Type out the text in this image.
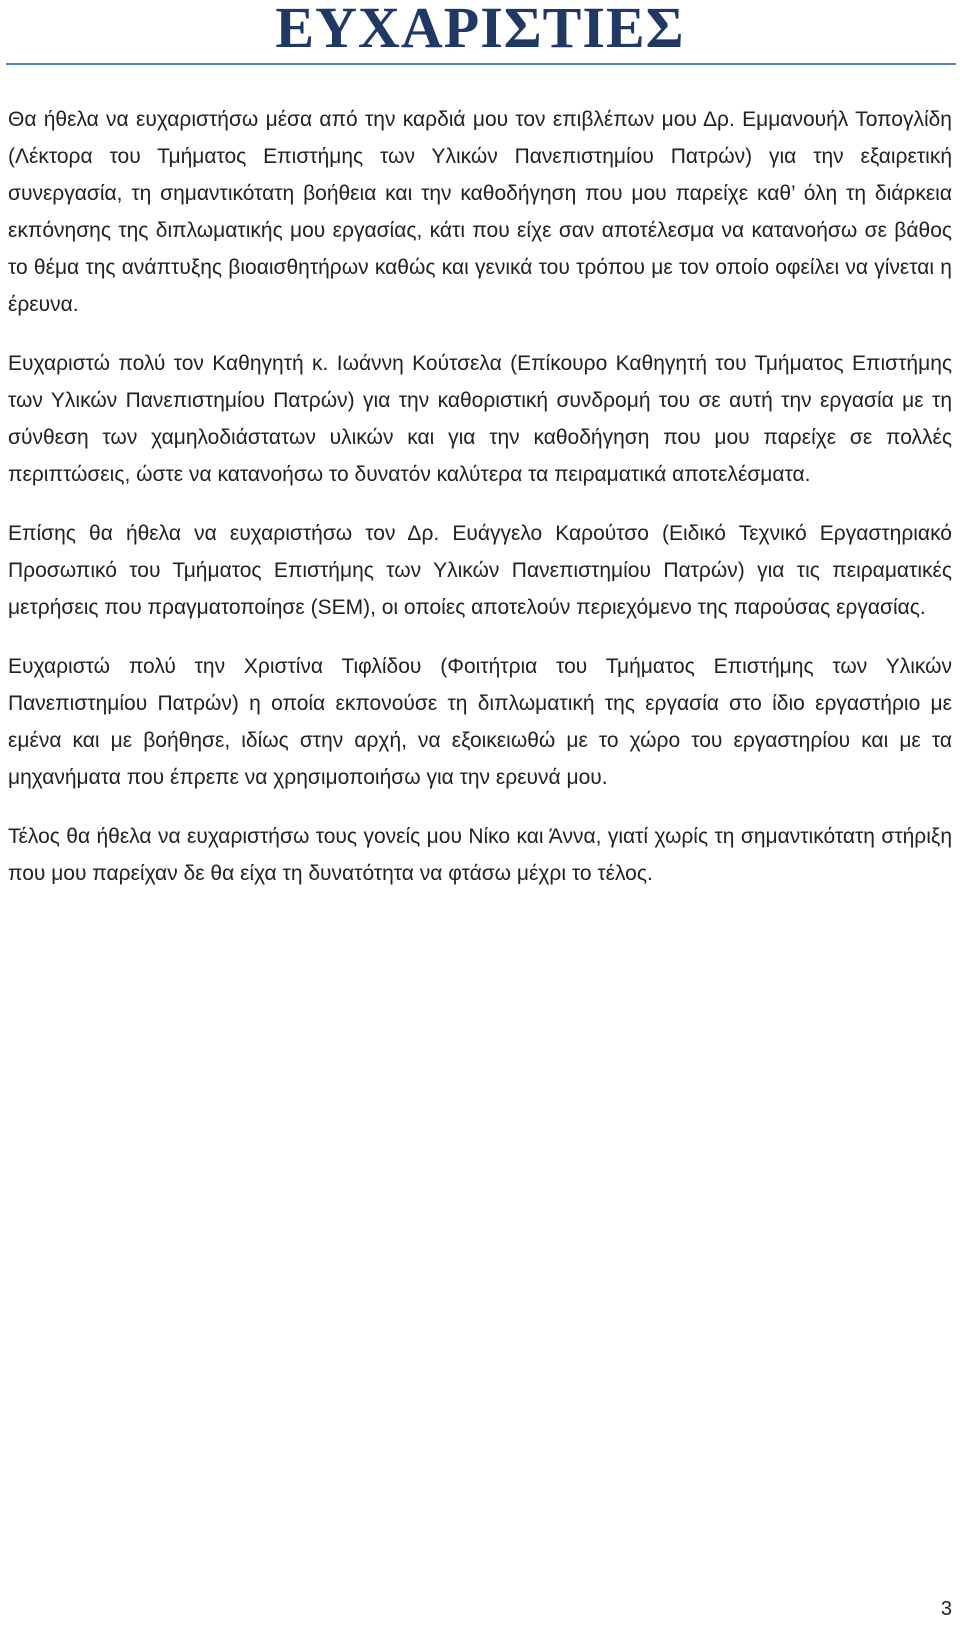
ΕΥΧΑΡΙΣΤΙΕΣ

Θα ήθελα να ευχαριστήσω μέσα από την καρδιά μου τον επιβλέπων μου Δρ. Εμμανουήλ Τοπογλίδη (Λέκτορα του Τμήματος Επιστήμης των Υλικών Πανεπιστημίου Πατρών) για την εξαιρετική συνεργασία, τη σημαντικότατη βοήθεια και την καθοδήγηση που μου παρείχε καθ’ όλη τη διάρκεια εκπόνησης της διπλωματικής μου εργασίας, κάτι που είχε σαν αποτέλεσμα να κατανοήσω σε βάθος το θέμα της ανάπτυξης βιοαισθητήρων καθώς και γενικά του τρόπου με τον οποίο οφείλει να γίνεται η έρευνα.

Ευχαριστώ πολύ τον Καθηγητή κ. Ιωάννη Κούτσελα (Επίκουρο Καθηγητή του Τμήματος Επιστήμης των Υλικών Πανεπιστημίου Πατρών) για την καθοριστική συνδρομή του σε αυτή την εργασία με τη σύνθεση των χαμηλοδιάστατων υλικών και για την καθοδήγηση που μου παρείχε σε πολλές περιπτώσεις, ώστε να κατανοήσω το δυνατόν καλύτερα τα πειραματικά αποτελέσματα.

Επίσης θα ήθελα να ευχαριστήσω τον Δρ. Ευάγγελο Καρούτσο (Ειδικό Τεχνικό Εργαστηριακό Προσωπικό του Τμήματος Επιστήμης των Υλικών Πανεπιστημίου Πατρών) για τις πειραματικές μετρήσεις που πραγματοποίησε (SEM), οι οποίες αποτελούν περιεχόμενο της παρούσας εργασίας.

Ευχαριστώ πολύ την Χριστίνα Τιφλίδου (Φοιτήτρια του Τμήματος Επιστήμης των Υλικών Πανεπιστημίου Πατρών) η οποία εκπονούσε τη διπλωματική της εργασία στο ίδιο εργαστήριο με εμένα και με βοήθησε, ιδίως στην αρχή, να εξοικειωθώ με το χώρο του εργαστηρίου και με τα μηχανήματα που έπρεπε να χρησιμοποιήσω για την ερευνά μου.

Τέλος θα ήθελα να ευχαριστήσω τους γονείς μου Νίκο και Άννα, γιατί χωρίς τη σημαντικότατη στήριξη που μου παρείχαν δε θα είχα τη δυνατότητα να φτάσω μέχρι το τέλος.

3
